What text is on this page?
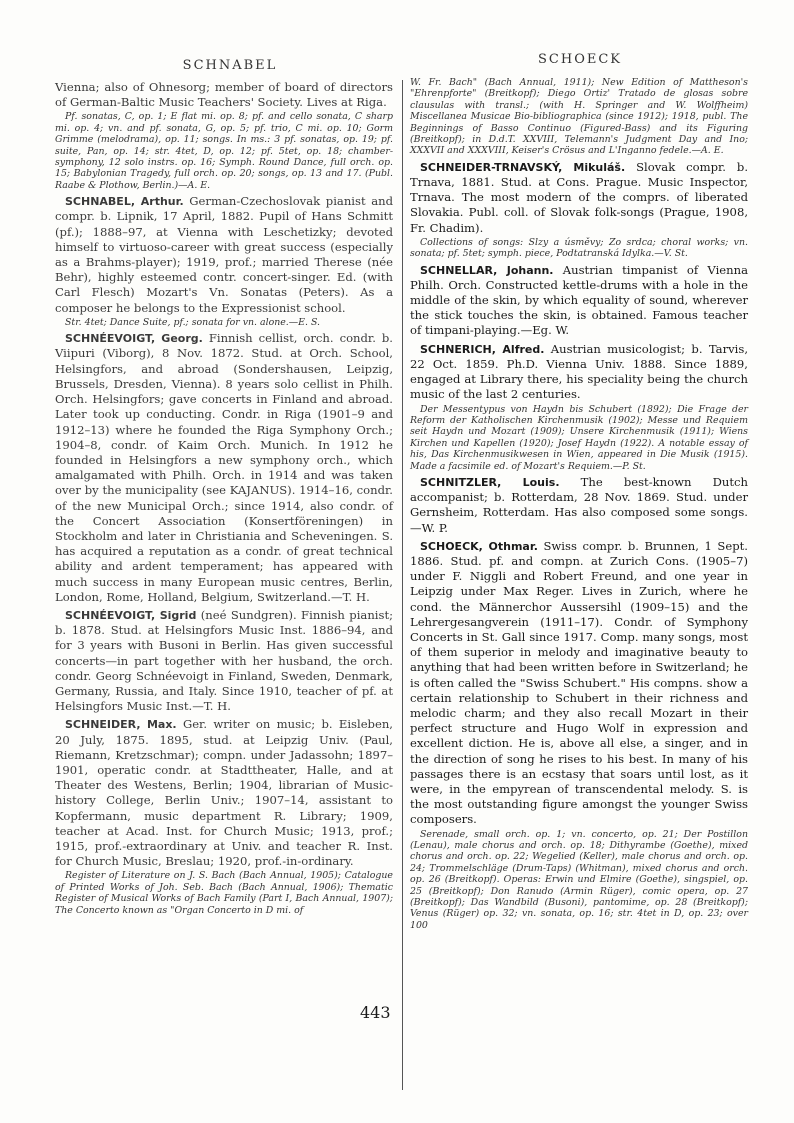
SCHNABEL	SCHOECK

Vienna; also of Ohnesorg; member of board of directors of German-Baltic Music Teachers' Society. Lives at Riga.

Pf. sonatas, C, op. 1; E flat mi. op. 8; pf. and cello sonata, C sharp mi. op. 4; vn. and pf. sonata, G, op. 5; pf. trio, C mi. op. 10; Gorm Grimme (melodrama), op. 11; songs. In ms.: 3 pf. sonatas, op. 19; pf. suite, Pan, op. 14; str. 4tet, D, op. 12; pf. 5tet, op. 18; chamber-symphony, 12 solo instrs. op. 16; Symph. Round Dance, full orch. op. 15; Babylonian Tragedy, full orch. op. 20; songs, op. 13 and 17. (Publ. Raabe & Plothow, Berlin.)—A. E.

SCHNABEL, Arthur. German-Czechoslovak pianist and compr. b. Lipnik, 17 April, 1882. Pupil of Hans Schmitt (pf.); 1888–97, at Vienna with Leschetizky; devoted himself to virtuoso-career with great success (especially as a Brahms-player); 1919, prof.; married Therese (née Behr), highly esteemed contr. concert-singer. Ed. (with Carl Flesch) Mozart's Vn. Sonatas (Peters). As a composer he belongs to the Expressionist school.

Str. 4tet; Dance Suite, pf.; sonata for vn. alone.—E. S.

SCHNÉEVOIGT, Georg. Finnish cellist, orch. condr. b. Viipuri (Viborg), 8 Nov. 1872. Stud. at Orch. School, Helsingfors, and abroad (Sondershausen, Leipzig, Brussels, Dresden, Vienna). 8 years solo cellist in Philh. Orch. Helsingfors; gave concerts in Finland and abroad. Later took up conducting. Condr. in Riga (1901–9 and 1912–13) where he founded the Riga Symphony Orch.; 1904–8, condr. of Kaim Orch. Munich. In 1912 he founded in Helsingfors a new symphony orch., which amalgamated with Philh. Orch. in 1914 and was taken over by the municipality (see KAJANUS). 1914–16, condr. of the new Municipal Orch.; since 1914, also condr. of the Concert Association (Konsertföreningen) in Stockholm and later in Christiania and Scheveningen. S. has acquired a reputation as a condr. of great technical ability and ardent temperament; has appeared with much success in many European music centres, Berlin, London, Rome, Holland, Belgium, Switzerland.—T. H.

SCHNÉEVOIGT, Sigrid (neé Sundgren). Finnish pianist; b. 1878. Stud. at Helsingfors Music Inst. 1886–94, and for 3 years with Busoni in Berlin. Has given successful concerts—in part together with her husband, the orch. condr. Georg Schnéevoigt in Finland, Sweden, Denmark, Germany, Russia, and Italy. Since 1910, teacher of pf. at Helsingfors Music Inst.—T. H.

SCHNEIDER, Max. Ger. writer on music; b. Eisleben, 20 July, 1875. 1895, stud. at Leipzig Univ. (Paul, Riemann, Kretzschmar); compn. under Jadassohn; 1897–1901, operatic condr. at Stadttheater, Halle, and at Theater des Westens, Berlin; 1904, librarian of Music-history College, Berlin Univ.; 1907–14, assistant to Kopfermann, music department R. Library; 1909, teacher at Acad. Inst. for Church Music; 1913, prof.; 1915, prof.-extraordinary at Univ. and teacher R. Inst. for Church Music, Breslau; 1920, prof.-in-ordinary.

Register of Literature on J. S. Bach (Bach Annual, 1905); Catalogue of Printed Works of Joh. Seb. Bach (Bach Annual, 1906); Thematic Register of Musical Works of Bach Family (Part I, Bach Annual, 1907); The Concerto known as "Organ Concerto in D mi. of

W. Fr. Bach" (Bach Annual, 1911); New Edition of Mattheson's "Ehrenpforte" (Breitkopf); Diego Ortiz' Tratado de glosas sobre clausulas with transl.; (with H. Springer and W. Wolffheim) Miscellanea Musicae Bio-bibliographica (since 1912); 1918, publ. The Beginnings of Basso Continuo (Figured-Bass) and its Figuring (Breitkopf); in D.d.T. XXVIII, Telemann's Judgment Day and Ino; XXXVII and XXXVIII, Keiser's Crösus and L'Inganno fedele.—A. E.

SCHNEIDER-TRNAVSKÝ, Mikuláš. Slovak compr. b. Trnava, 1881. Stud. at Cons. Prague. Music Inspector, Trnava. The most modern of the comprs. of liberated Slovakia. Publ. coll. of Slovak folk-songs (Prague, 1908, Fr. Chadim).

Collections of songs: Slzy a úsměvy; Zo srdca; choral works; vn. sonata; pf. 5tet; symph. piece, Podtatranská Idylka.—V. St.

SCHNELLAR, Johann. Austrian timpanist of Vienna Philh. Orch. Constructed kettle-drums with a hole in the middle of the skin, by which equality of sound, wherever the stick touches the skin, is obtained. Famous teacher of timpani-playing.—Eg. W.

SCHNERICH, Alfred. Austrian musicologist; b. Tarvis, 22 Oct. 1859. Ph.D. Vienna Univ. 1888. Since 1889, engaged at Library there, his speciality being the church music of the last 2 centuries.

Der Messentypus von Haydn bis Schubert (1892); Die Frage der Reform der Katholischen Kirchenmusik (1902); Messe und Requiem seit Haydn und Mozart (1909); Unsere Kirchenmusik (1911); Wiens Kirchen und Kapellen (1920); Josef Haydn (1922). A notable essay of his, Das Kirchenmusikwesen in Wien, appeared in Die Musik (1915). Made a facsimile ed. of Mozart's Requiem.—P. St.

SCHNITZLER, Louis. The best-known Dutch accompanist; b. Rotterdam, 28 Nov. 1869. Stud. under Gernsheim, Rotterdam. Has also composed some songs.—W. P.

SCHOECK, Othmar. Swiss compr. b. Brunnen, 1 Sept. 1886. Stud. pf. and compn. at Zurich Cons. (1905–7) under F. Niggli and Robert Freund, and one year in Leipzig under Max Reger. Lives in Zurich, where he cond. the Männerchor Aussersihl (1909–15) and the Lehrergesangverein (1911–17). Condr. of Symphony Concerts in St. Gall since 1917. Comp. many songs, most of them superior in melody and imaginative beauty to anything that had been written before in Switzerland; he is often called the "Swiss Schubert." His compns. show a certain relationship to Schubert in their richness and melodic charm; and they also recall Mozart in their perfect structure and Hugo Wolf in expression and excellent diction. He is, above all else, a singer, and in the direction of song he rises to his best. In many of his passages there is an ecstasy that soars until lost, as it were, in the empyrean of transcendental melody. S. is the most outstanding figure amongst the younger Swiss composers.

Serenade, small orch. op. 1; vn. concerto, op. 21; Der Postillon (Lenau), male chorus and orch. op. 18; Dithyrambe (Goethe), mixed chorus and orch. op. 22; Wegelied (Keller), male chorus and orch. op. 24; Trommelschläge (Drum-Taps) (Whitman), mixed chorus and orch. op. 26 (Breitkopf). Operas: Erwin und Elmire (Goethe), singspiel, op. 25 (Breitkopf); Don Ranudo (Armin Rüger), comic opera, op. 27 (Breitkopf); Das Wandbild (Busoni), pantomime, op. 28 (Breitkopf); Venus (Rüger) op. 32; vn. sonata, op. 16; str. 4tet in D, op. 23; over 100

443
